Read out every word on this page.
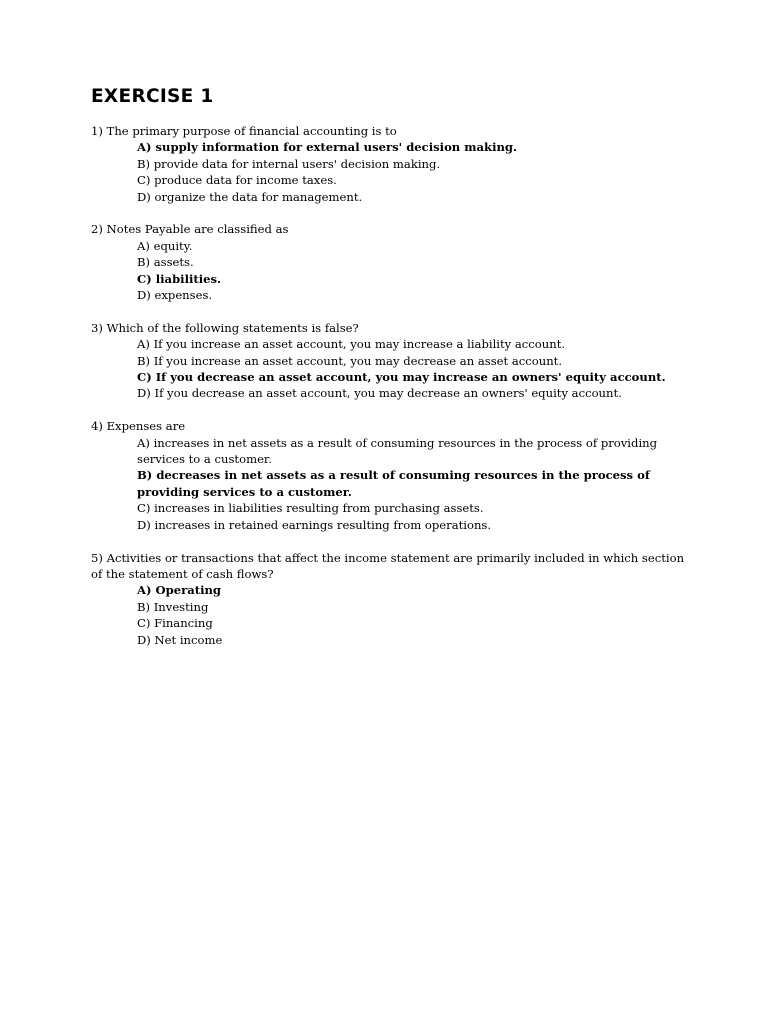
EXERCISE 1

1) The primary purpose of financial accounting is to

A) supply information for external users' decision making.
B) provide data for internal users' decision making.
C) produce data for income taxes.
D) organize the data for management.

2) Notes Payable are classified as

A) equity.
B) assets.
C) liabilities.
D) expenses.

3) Which of the following statements is false?

A) If you increase an asset account, you may increase a liability account.
B) If you increase an asset account, you may decrease an asset account.
C) If you decrease an asset account, you may increase an owners' equity account.
D) If you decrease an asset account, you may decrease an owners' equity account.

4) Expenses are

A) increases in net assets as a result of consuming resources in the process of providing services to a customer.
B) decreases in net assets as a result of consuming resources in the process of providing services to a customer.
C) increases in liabilities resulting from purchasing assets.
D) increases in retained earnings resulting from operations.

5) Activities or transactions that affect the income statement are primarily included in which section of the statement of cash flows?

A) Operating
B) Investing
C) Financing
D) Net income
